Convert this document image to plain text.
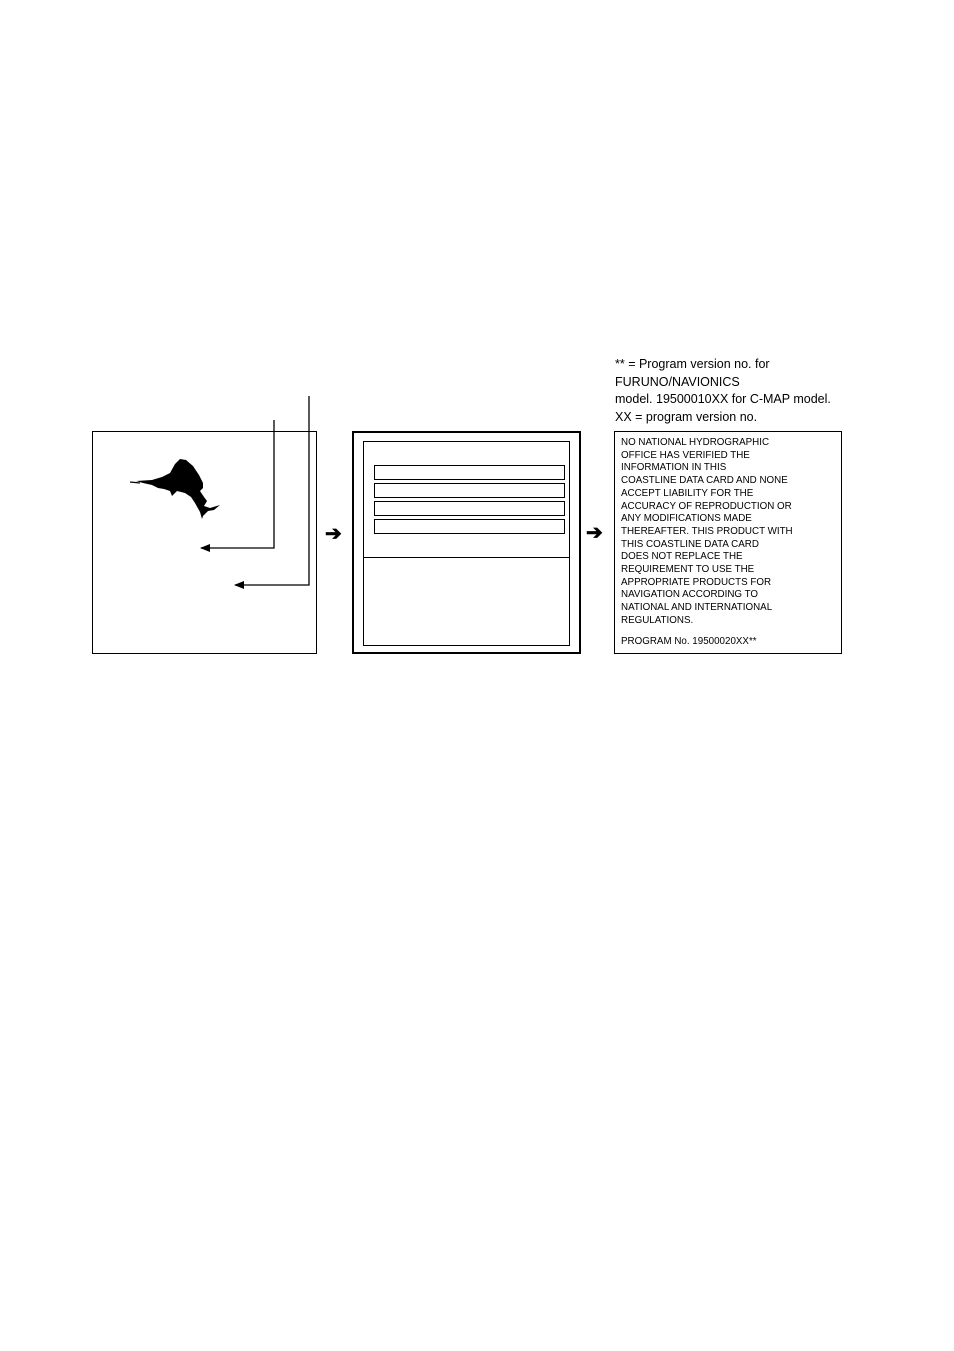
** = Program version no. for
FURUNO/NAVIONICS
model. 19500010XX for C-MAP model.
XX = program version no.
NO NATIONAL HYDROGRAPHIC
OFFICE HAS VERIFIED THE
INFORMATION IN THIS
COASTLINE DATA CARD AND NONE
ACCEPT LIABILITY FOR THE
ACCURACY OF REPRODUCTION OR
ANY MODIFICATIONS MADE
THEREAFTER. THIS PRODUCT WITH
THIS COASTLINE DATA CARD
DOES NOT REPLACE THE
REQUIREMENT TO USE THE
APPROPRIATE PRODUCTS FOR
NAVIGATION ACCORDING TO
NATIONAL AND INTERNATIONAL
REGULATIONS.
PROGRAM No. 19500020XX**
➔	➔
